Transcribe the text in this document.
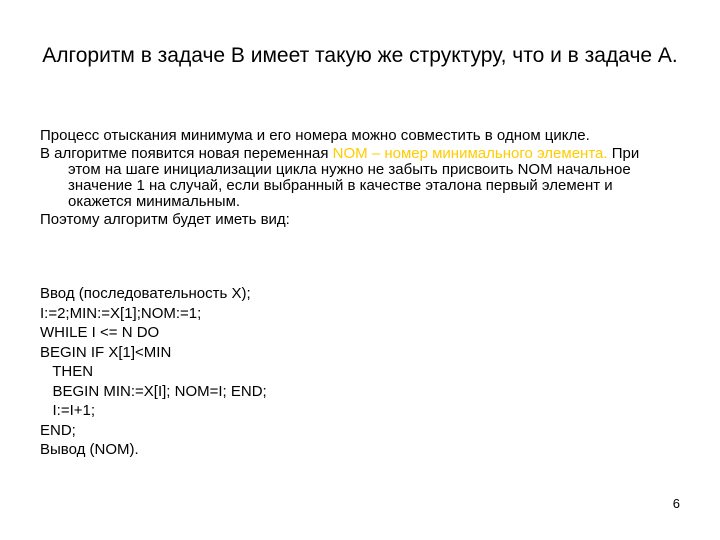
Алгоритм в задаче В имеет такую же структуру, что и в задаче А.

Процесс отыскания минимума и его номера можно совместить в одном цикле.

В алгоритме появится новая переменная NOM – номер минимального элемента. При этом на шаге инициализации цикла нужно не забыть присвоить NOM начальное значение 1 на случай, если выбранный в качестве эталона первый элемент и окажется минимальным.

Поэтому алгоритм будет иметь вид:

Ввод (последовательность X);
I:=2;MIN:=X[1];NOM:=1;
WHILE I <= N DO
BEGIN IF X[1]<MIN
THEN
BEGIN MIN:=X[I]; NOM=I; END;
I:=I+1;
END;
Вывод (NOM).
6
